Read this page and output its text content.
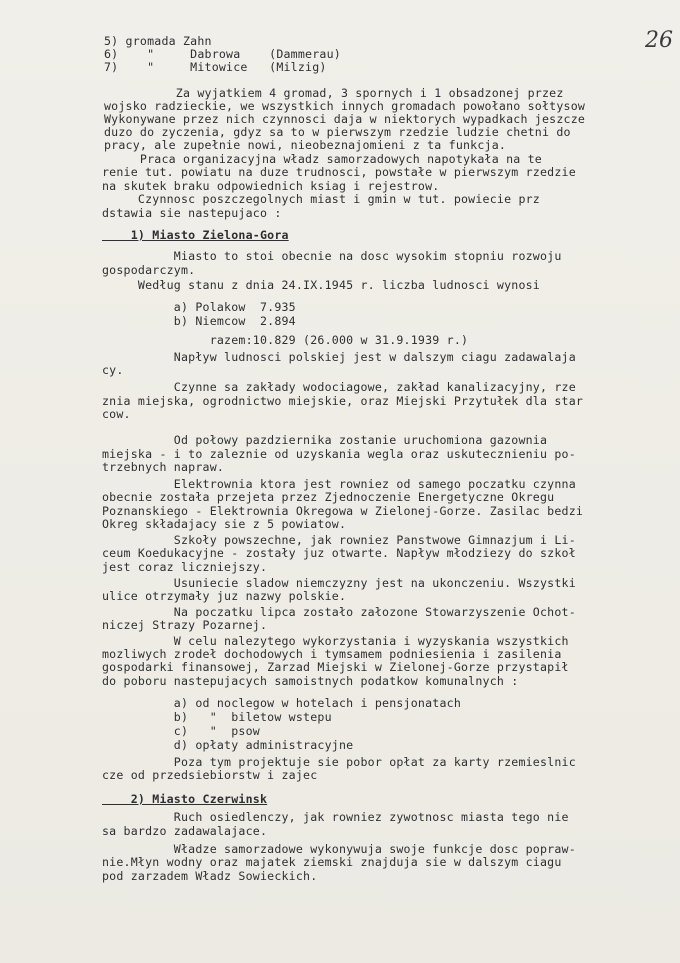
26
5) gromada Zahn
6)    "     Dabrowa    (Dammerau)
7)    "     Mitowice   (Milzig)
Za wyjatkiem 4 gromad, 3 spornych i 1 obsadzonej przez
wojsko radzieckie, we wszystkich innych gromadach powołano sołtysow
Wykonywane przez nich czynnosci daja w niektorych wypadkach jeszcze
duzo do zyczenia, gdyz sa to w pierwszym rzedzie ludzie chetni do
pracy, ale zupełnie nowi, nieobeznajomieni z ta funkcja.
Praca organizacyjna władz samorzadowych napotykała na te
renie tut. powiatu na duze trudnosci, powstałe w pierwszym rzedzie
na skutek braku odpowiednich ksiag i rejestrow.
Czynnosc poszczegolnych miast i gmin w tut. powiecie prz
dstawia sie nastepujaco :
1) Miasto Zielona-Gora
Miasto to stoi obecnie na dosc wysokim stopniu rozwoju
gospodarczym.
Według stanu z dnia 24.IX.1945 r. liczba ludnosci wynosi
a) Polakow  7.935
b) Niemcow  2.894
razem:10.829 (26.000 w 31.9.1939 r.)
Napływ ludnosci polskiej jest w dalszym ciagu zadawalaja
cy.
Czynne sa zakłady wodociagowe, zakład kanalizacyjny, rze
znia miejska, ogrodnictwo miejskie, oraz Miejski Przytułek dla star
cow.
Od połowy pazdziernika zostanie uruchomiona gazownia
miejska - i to zaleznie od uzyskania wegla oraz uskutecznieniu po-
trzebnych napraw.
Elektrownia ktora jest rowniez od samego poczatku czynna
obecnie została przejeta przez Zjednoczenie Energetyczne Okregu
Poznanskiego - Elektrownia Okregowa w Zielonej-Gorze. Zasilac bedzi
Okreg składajacy sie z 5 powiatow.
Szkoły powszechne, jak rowniez Panstwowe Gimnazjum i Li-
ceum Koedukacyjne - zostały juz otwarte. Napływ młodziezy do szkoł
jest coraz liczniejszy.
Usuniecie sladow niemczyzny jest na ukonczeniu. Wszystki
ulice otrzymały juz nazwy polskie.
Na poczatku lipca zostało załozone Stowarzyszenie Ochot-
niczej Strazy Pozarnej.
W celu nalezytego wykorzystania i wyzyskania wszystkich
mozliwych zrodeł dochodowych i tymsamem podniesienia i zasilenia
gospodarki finansowej, Zarzad Miejski w Zielonej-Gorze przystapił
do poboru nastepujacych samoistnych podatkow komunalnych :
a) od noclegow w hotelach i pensjonatach
b)   "  biletow wstepu
c)   "  psow
d) opłaty administracyjne
Poza tym projektuje sie pobor opłat za karty rzemieslnic
cze od przedsiebiorstw i zajec
2) Miasto Czerwinsk
Ruch osiedlenczy, jak rowniez zywotnosc miasta tego nie
sa bardzo zadawalajace.
Władze samorzadowe wykonywuja swoje funkcje dosc popraw-
nie.Młyn wodny oraz majatek ziemski znajduja sie w dalszym ciagu
pod zarzadem Władz Sowieckich.
